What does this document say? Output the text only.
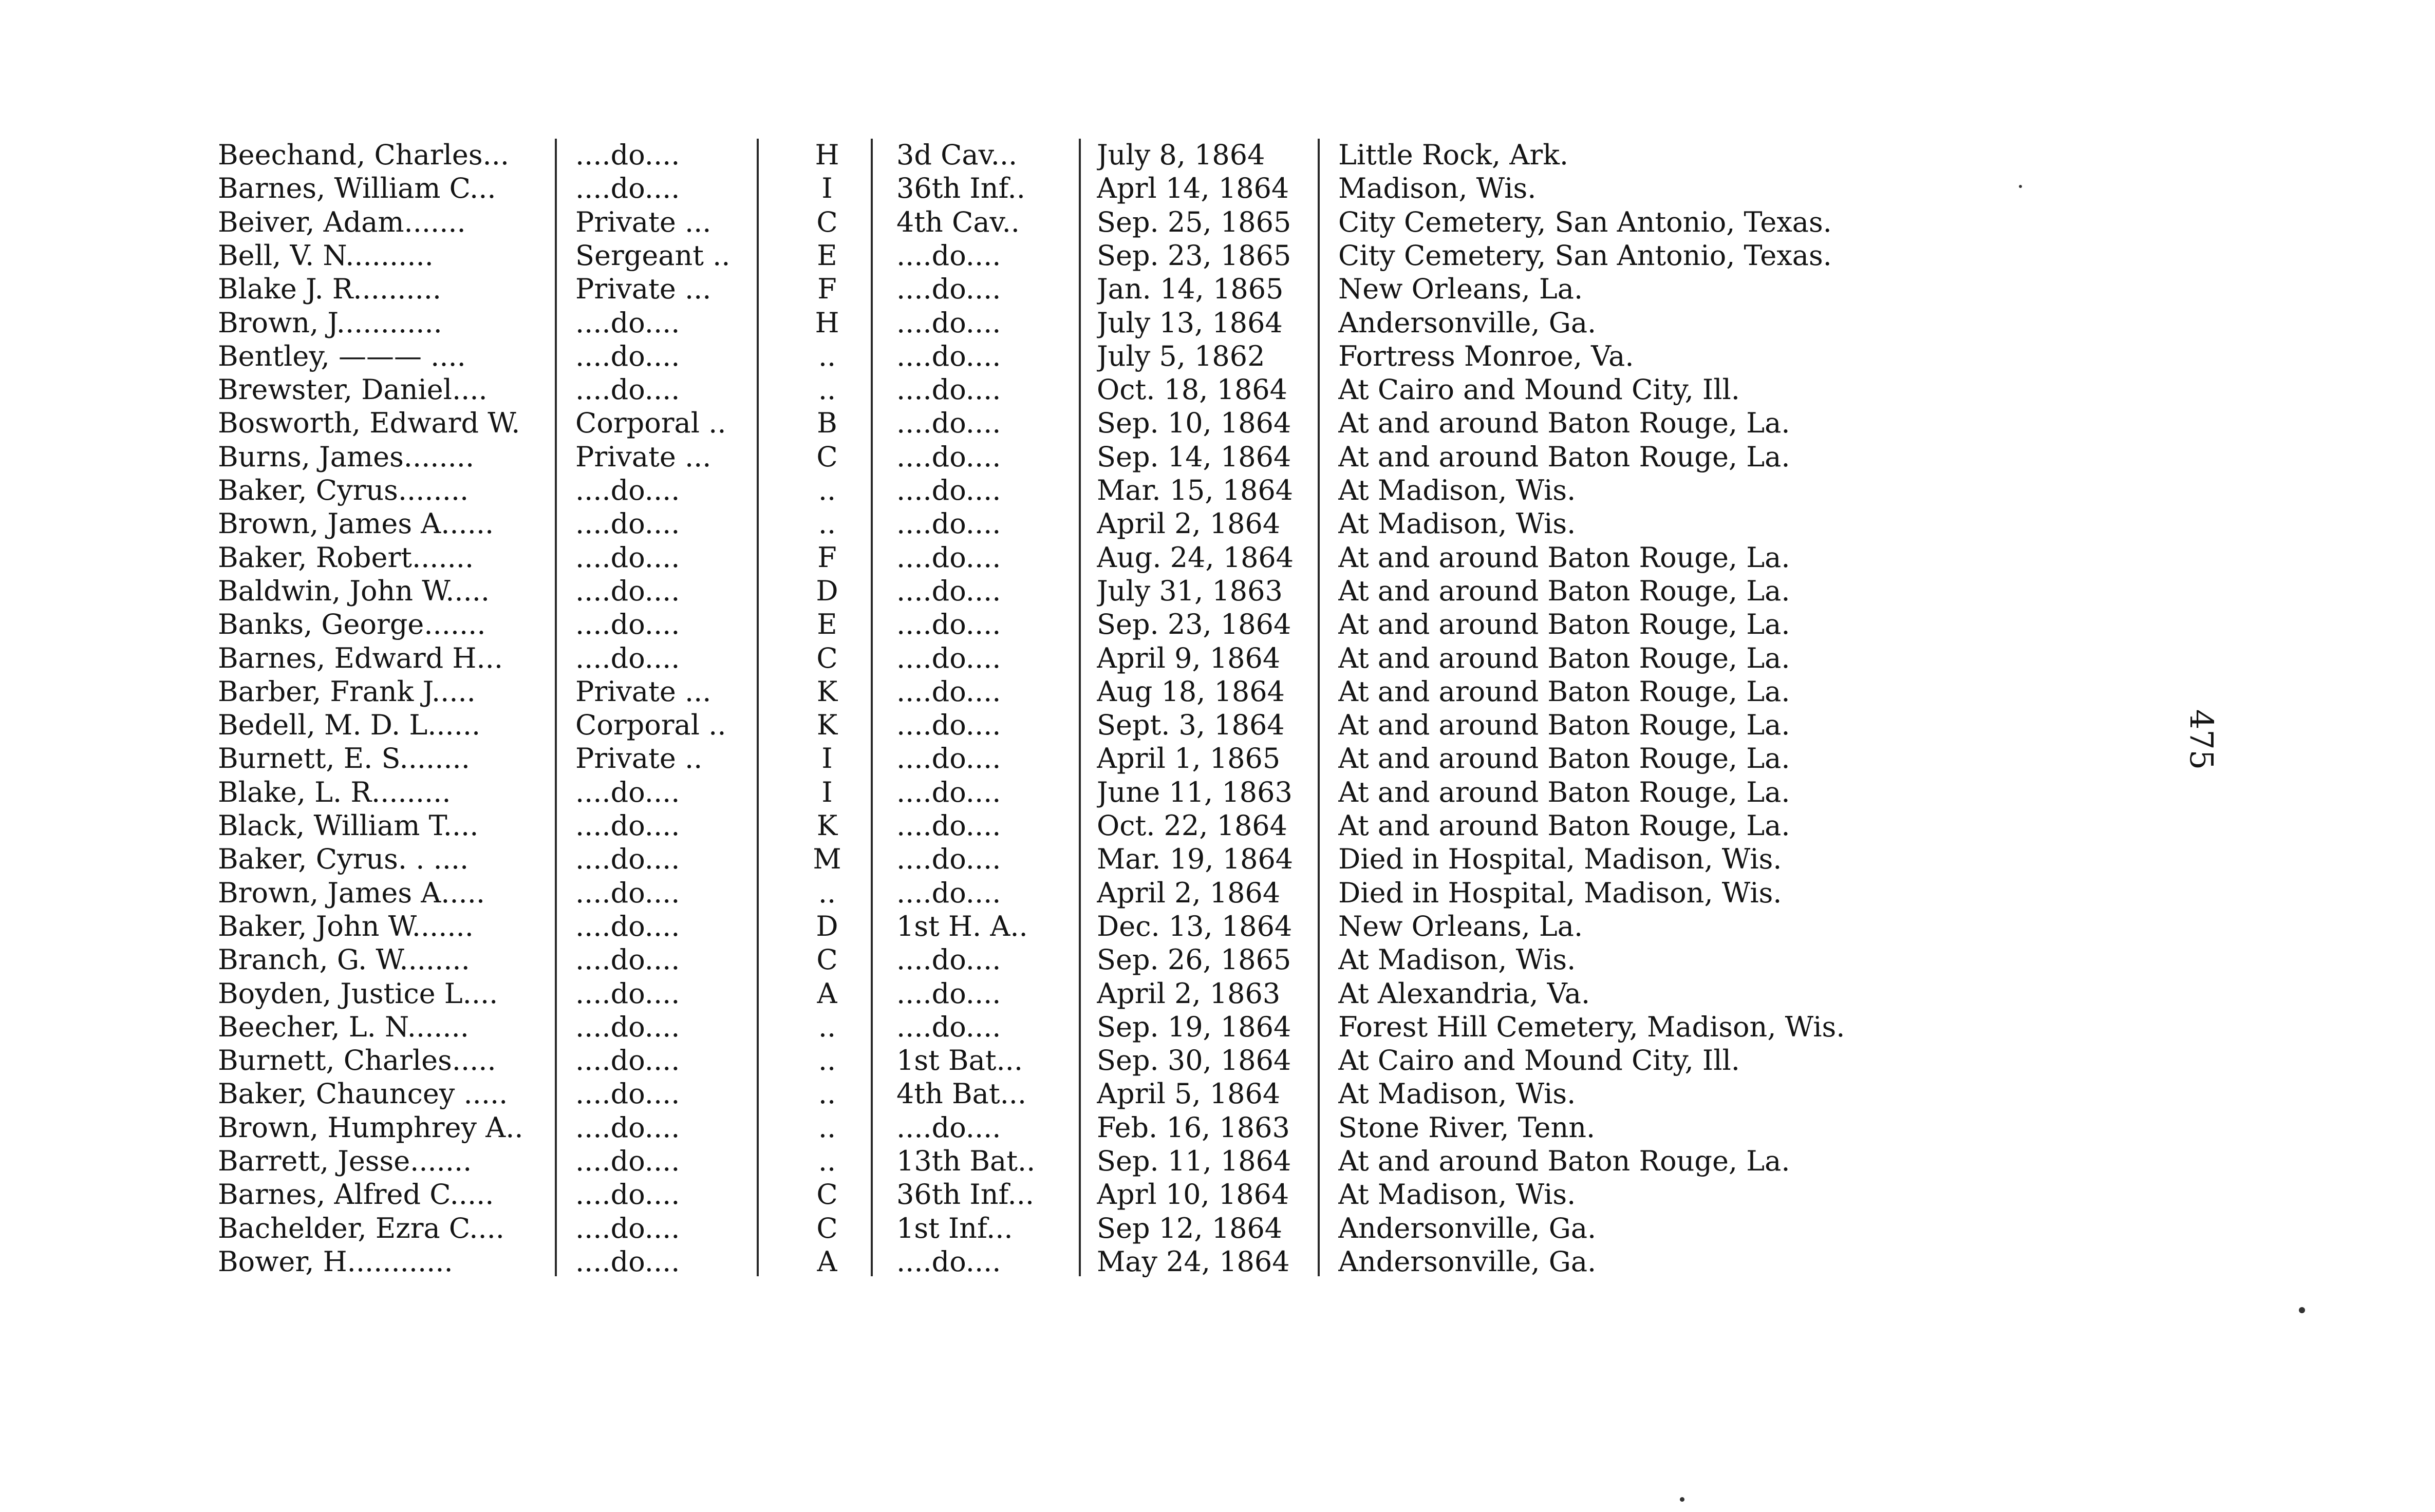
Beechand, Charles...	....do....	H	3d Cav...	July 8, 1864	Little Rock, Ark.
Barnes, William C...	....do....	I	36th Inf..	Aprl 14, 1864	Madison, Wis.
Beiver, Adam.......	Private ...	C	4th Cav..	Sep. 25, 1865	City Cemetery, San Antonio, Texas.
Bell, V. N..........	Sergeant ..	E	....do....	Sep. 23, 1865	City Cemetery, San Antonio, Texas.
Blake J. R..........	Private ...	F	....do....	Jan. 14, 1865	New Orleans, La.
Brown, J............	....do....	H	....do....	July 13, 1864	Andersonville, Ga.
Bentley, ——— ....	....do....	..	....do....	July 5, 1862	Fortress Monroe, Va.
Brewster, Daniel....	....do....	..	....do....	Oct. 18, 1864	At Cairo and Mound City, Ill.
Bosworth, Edward W.	Corporal ..	B	....do....	Sep. 10, 1864	At and around Baton Rouge, La.
Burns, James........	Private ...	C	....do....	Sep. 14, 1864	At and around Baton Rouge, La.
Baker, Cyrus........	....do....	..	....do....	Mar. 15, 1864	At Madison, Wis.
Brown, James A......	....do....	..	....do....	April 2, 1864	At Madison, Wis.
Baker, Robert.......	....do....	F	....do....	Aug. 24, 1864	At and around Baton Rouge, La.
Baldwin, John W.....	....do....	D	....do....	July 31, 1863	At and around Baton Rouge, La.
Banks, George.......	....do....	E	....do....	Sep. 23, 1864	At and around Baton Rouge, La.
Barnes, Edward H...	....do....	C	....do....	April 9, 1864	At and around Baton Rouge, La.
Barber, Frank J.....	Private ...	K	....do....	Aug 18, 1864	At and around Baton Rouge, La.
Bedell, M. D. L......	Corporal ..	K	....do....	Sept. 3, 1864	At and around Baton Rouge, La.
Burnett, E. S........	Private ..	I	....do....	April 1, 1865	At and around Baton Rouge, La.
Blake, L. R.........	....do....	I	....do....	June 11, 1863	At and around Baton Rouge, La.
Black, William T....	....do....	K	....do....	Oct. 22, 1864	At and around Baton Rouge, La.
Baker, Cyrus. . ....	....do....	M	....do....	Mar. 19, 1864	Died in Hospital, Madison, Wis.
Brown, James A.....	....do....	..	....do....	April 2, 1864	Died in Hospital, Madison, Wis.
Baker, John W.......	....do....	D	1st H. A..	Dec. 13, 1864	New Orleans, La.
Branch, G. W........	....do....	C	....do....	Sep. 26, 1865	At Madison, Wis.
Boyden, Justice L....	....do....	A	....do....	April 2, 1863	At Alexandria, Va.
Beecher, L. N.......	....do....	..	....do....	Sep. 19, 1864	Forest Hill Cemetery, Madison, Wis.
Burnett, Charles.....	....do....	..	1st Bat...	Sep. 30, 1864	At Cairo and Mound City, Ill.
Baker, Chauncey .....	....do....	..	4th Bat...	April 5, 1864	At Madison, Wis.
Brown, Humphrey A..	....do....	..	....do....	Feb. 16, 1863	Stone River, Tenn.
Barrett, Jesse.......	....do....	..	13th Bat..	Sep. 11, 1864	At and around Baton Rouge, La.
Barnes, Alfred C.....	....do....	C	36th Inf...	Aprl 10, 1864	At Madison, Wis.
Bachelder, Ezra C....	....do....	C	1st Inf...	Sep 12, 1864	Andersonville, Ga.
Bower, H............	....do....	A	....do....	May 24, 1864	Andersonville, Ga.
475
